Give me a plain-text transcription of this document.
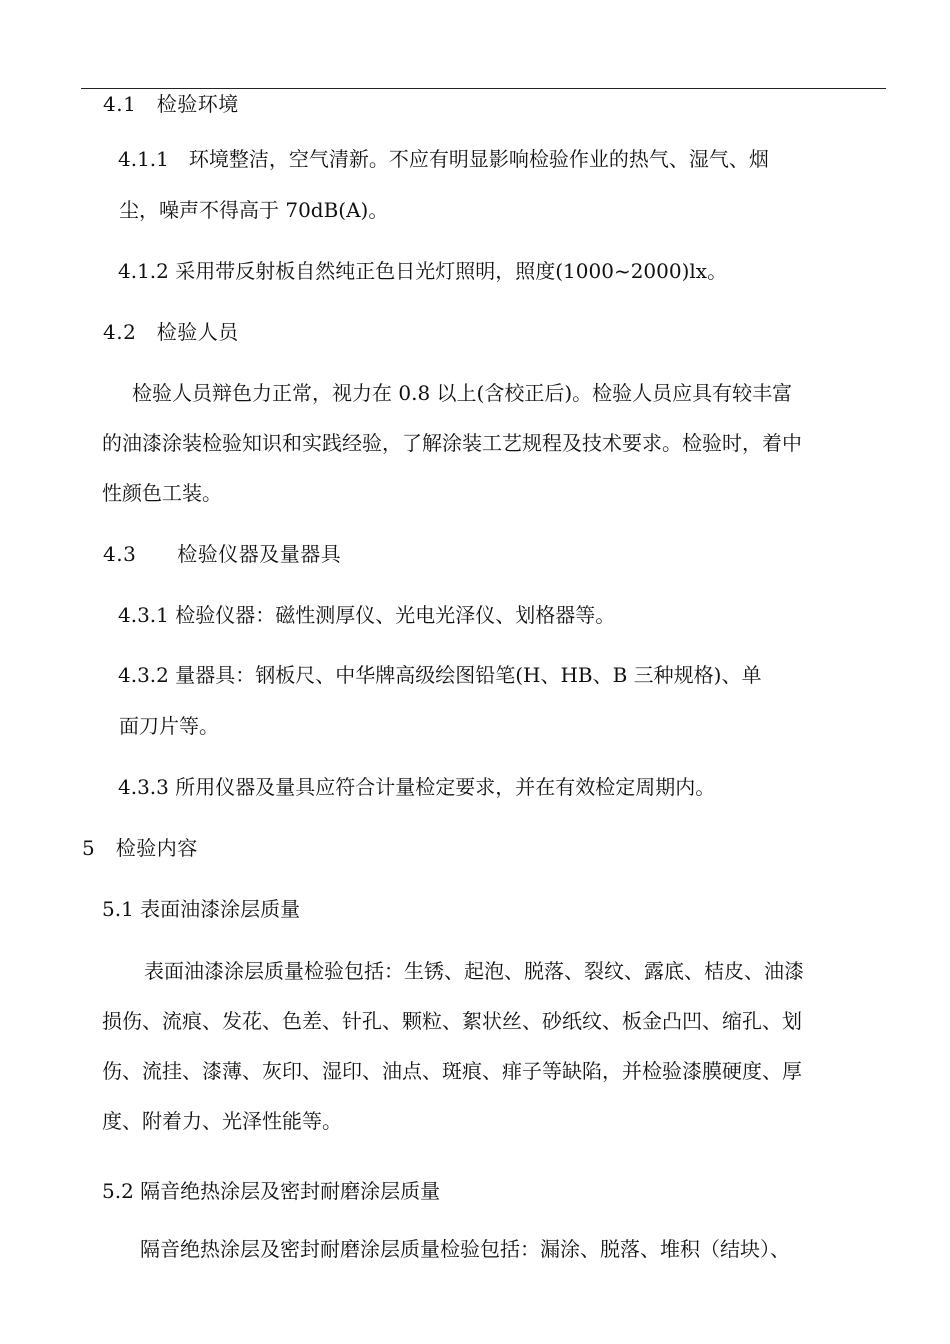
4.1　检验环境
4.1.1　环境整洁，空气清新。不应有明显影响检验作业的热气、湿气、烟
尘，噪声不得高于 70dB(A)。
4.1.2 采用带反射板自然纯正色日光灯照明，照度(1000~2000)lx。
4.2　检验人员
检验人员辩色力正常，视力在 0.8 以上(含校正后)。检验人员应具有较丰富
的油漆涂装检验知识和实践经验，了解涂装工艺规程及技术要求。检验时，着中
性颜色工装。
4.3　　检验仪器及量器具
4.3.1 检验仪器：磁性测厚仪、光电光泽仪、划格器等。
4.3.2 量器具：钢板尺、中华牌高级绘图铅笔(H、HB、B 三种规格)、单
面刀片等。
4.3.3 所用仪器及量具应符合计量检定要求，并在有效检定周期内。
5　检验内容
5.1 表面油漆涂层质量
表面油漆涂层质量检验包括：生锈、起泡、脱落、裂纹、露底、桔皮、油漆
损伤、流痕、发花、色差、针孔、颗粒、絮状丝、砂纸纹、板金凸凹、缩孔、划
伤、流挂、漆薄、灰印、湿印、油点、斑痕、痱子等缺陷，并检验漆膜硬度、厚
度、附着力、光泽性能等。
5.2 隔音绝热涂层及密封耐磨涂层质量
隔音绝热涂层及密封耐磨涂层质量检验包括：漏涂、脱落、堆积（结块）、
